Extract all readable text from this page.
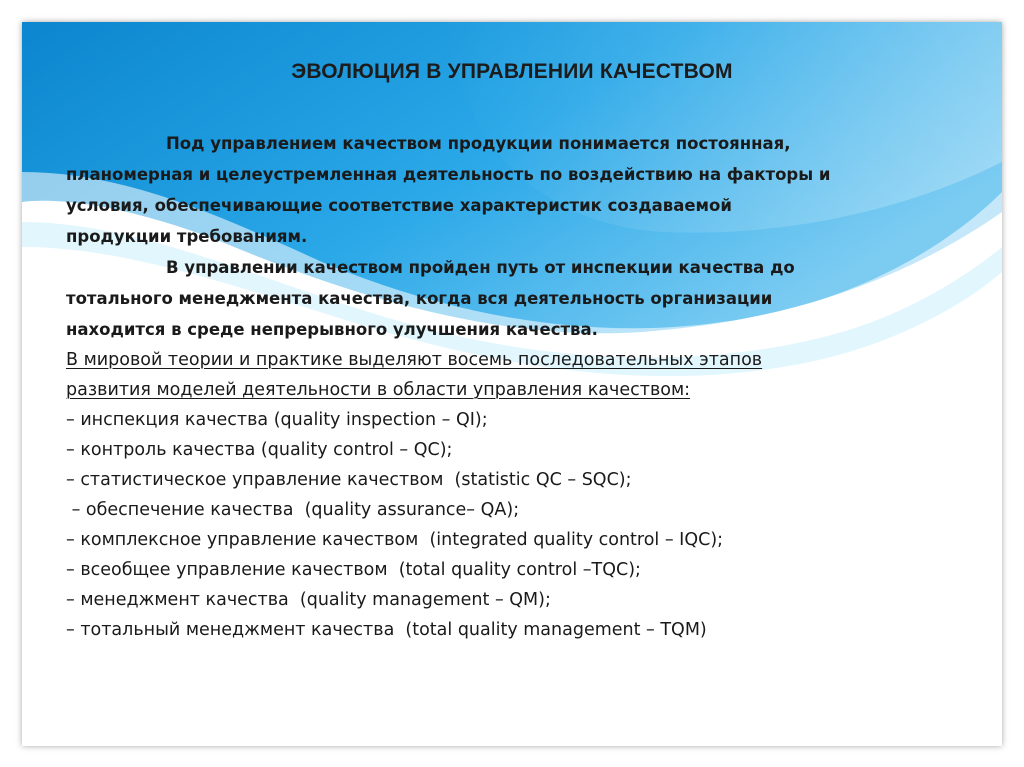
ЭВОЛЮЦИЯ В УПРАВЛЕНИИ КАЧЕСТВОМ

Под управлением качеством продукции понимается постоянная,
планомерная и целеустремленная деятельность по воздействию на факторы и
условия, обеспечивающие соответствие характеристик создаваемой
продукции требованиям.

В управлении качеством пройден путь от инспекции качества до
тотального менеджмента качества, когда вся деятельность организации
находится в среде непрерывного улучшения качества.

В мировой теории и практике выделяют восемь последовательных этапов
развития моделей деятельности в области управления качеством:

– инспекция качества (quality inspection – QI);
– контроль качества (quality control – QC);
– статистическое управление качеством  (statistic QC – SQC);
– обеспечение качества  (quality assurance– QA);
– комплексное управление качеством  (integrated quality control – IQC);
– всеобщее управление качеством  (total quality control –TQC);
– менеджмент качества  (quality management – QM);
– тотальный менеджмент качества  (total quality management – TQM)
